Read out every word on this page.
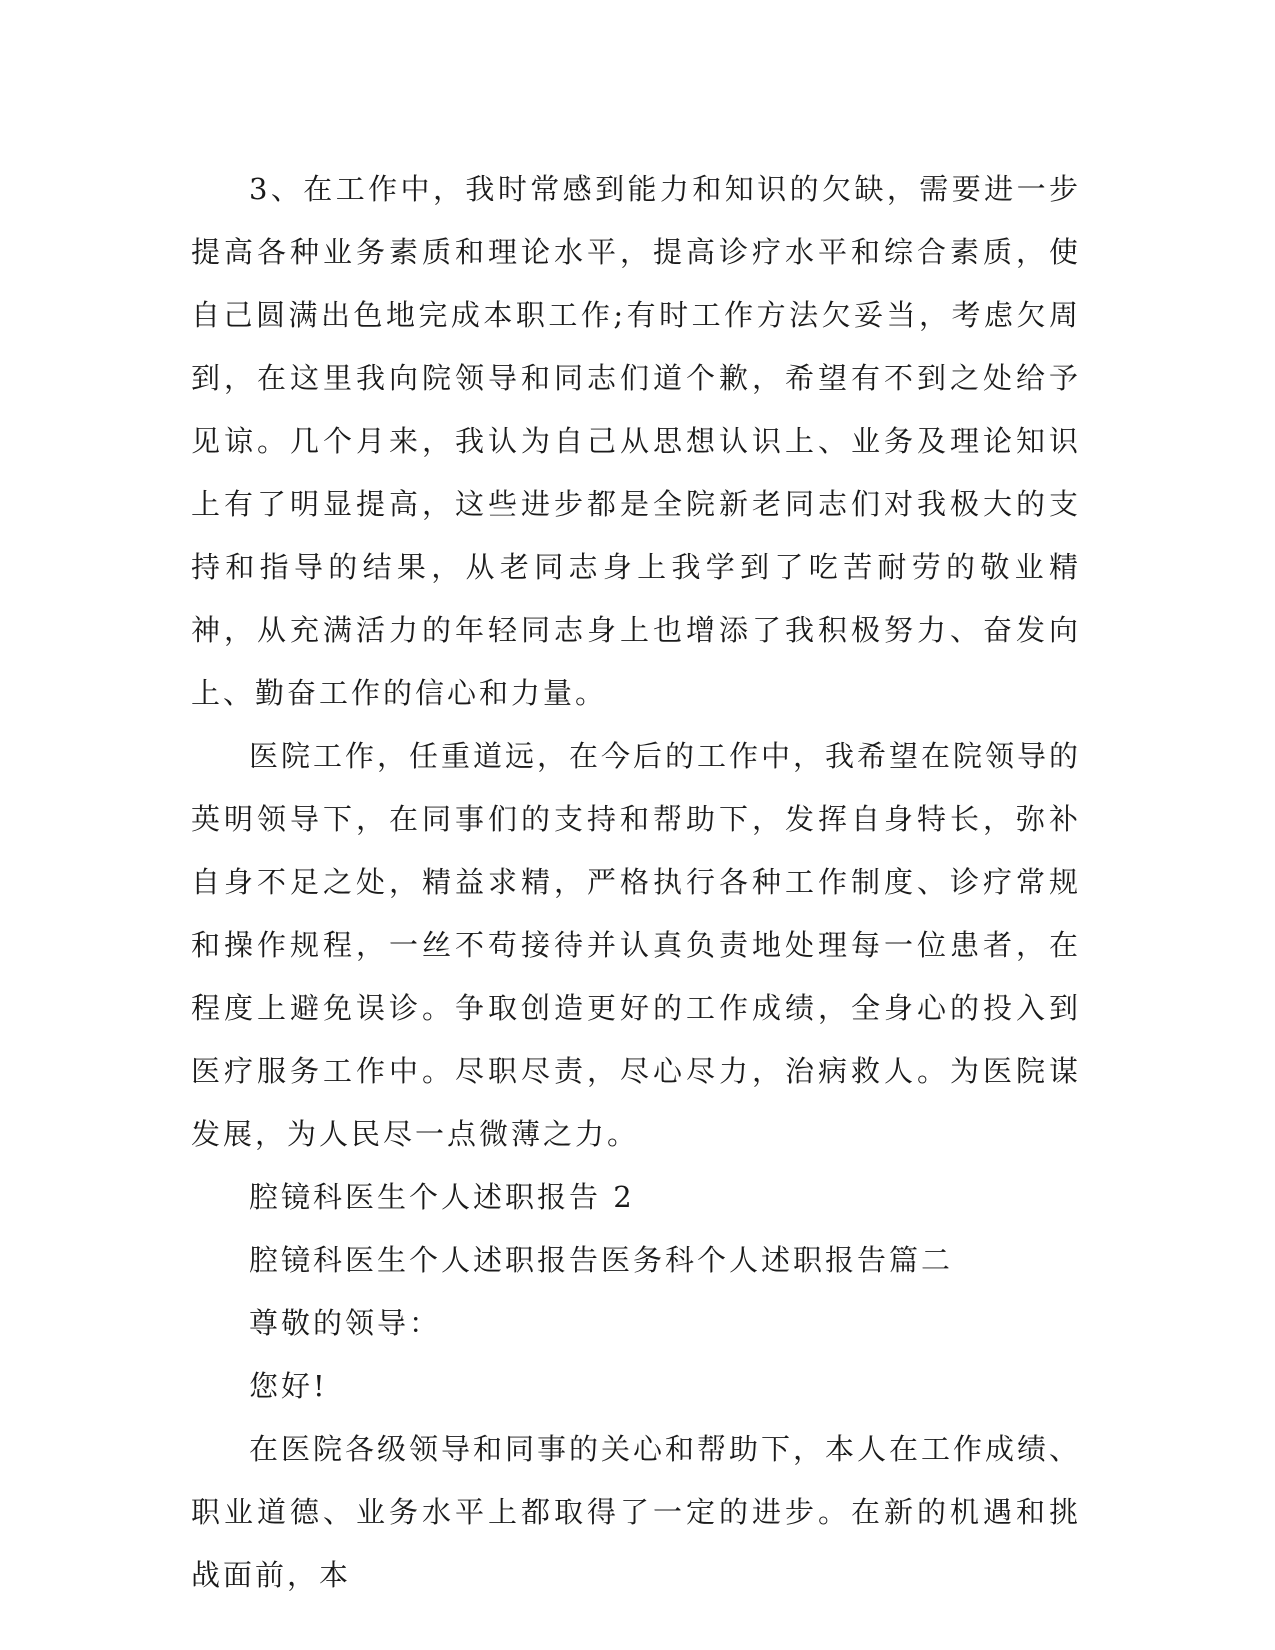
3、在工作中，我时常感到能力和知识的欠缺，需要进一步提高各种业务素质和理论水平，提高诊疗水平和综合素质，使自己圆满出色地完成本职工作;有时工作方法欠妥当，考虑欠周到，在这里我向院领导和同志们道个歉，希望有不到之处给予见谅。几个月来，我认为自己从思想认识上、业务及理论知识上有了明显提高，这些进步都是全院新老同志们对我极大的支持和指导的结果，从老同志身上我学到了吃苦耐劳的敬业精神，从充满活力的年轻同志身上也增添了我积极努力、奋发向上、勤奋工作的信心和力量。

医院工作，任重道远，在今后的工作中，我希望在院领导的英明领导下，在同事们的支持和帮助下，发挥自身特长，弥补自身不足之处，精益求精，严格执行各种工作制度、诊疗常规和操作规程，一丝不苟接待并认真负责地处理每一位患者，在程度上避免误诊。争取创造更好的工作成绩，全身心的投入到医疗服务工作中。尽职尽责，尽心尽力，治病救人。为医院谋发展，为人民尽一点微薄之力。

腔镜科医生个人述职报告 2

腔镜科医生个人述职报告医务科个人述职报告篇二

尊敬的领导：

您好!

在医院各级领导和同事的关心和帮助下，本人在工作成绩、职业道德、业务水平上都取得了一定的进步。在新的机遇和挑战面前，本
